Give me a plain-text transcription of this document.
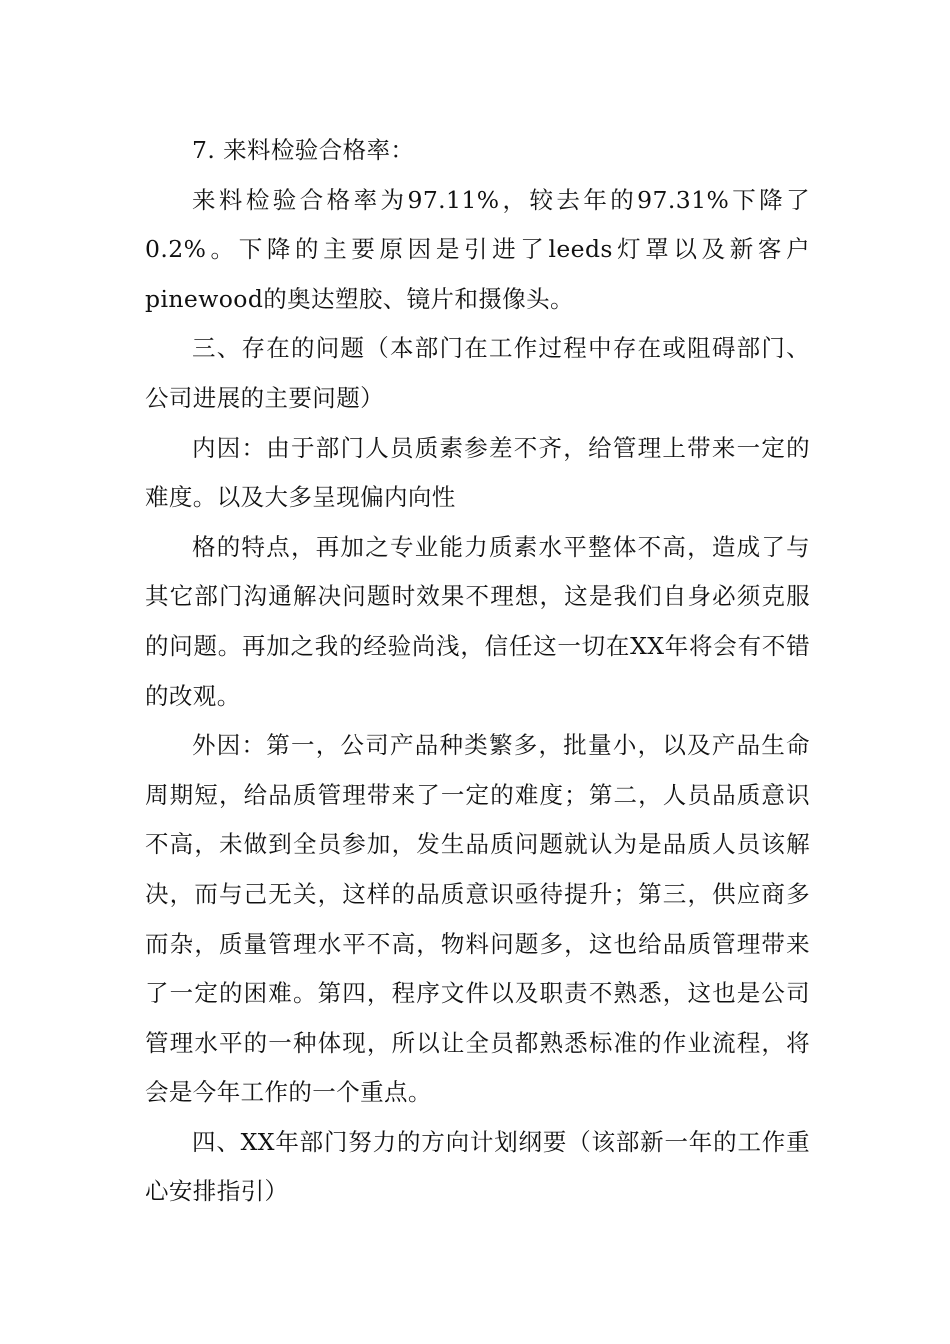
7. 来料检验合格率：

来料检验合格率为97.11%，较去年的97.31%下降了0.2%。下降的主要原因是引进了leeds灯罩以及新客户pinewood的奥达塑胶、镜片和摄像头。

三、存在的问题（本部门在工作过程中存在或阻碍部门、公司进展的主要问题）

内因：由于部门人员质素参差不齐，给管理上带来一定的难度。以及大多呈现偏内向性

格的特点，再加之专业能力质素水平整体不高，造成了与其它部门沟通解决问题时效果不理想，这是我们自身必须克服的问题。再加之我的经验尚浅，信任这一切在XX年将会有不错的改观。

外因：第一，公司产品种类繁多，批量小，以及产品生命周期短，给品质管理带来了一定的难度；第二，人员品质意识不高，未做到全员参加，发生品质问题就认为是品质人员该解决，而与己无关，这样的品质意识亟待提升；第三，供应商多而杂，质量管理水平不高，物料问题多，这也给品质管理带来了一定的困难。第四，程序文件以及职责不熟悉，这也是公司管理水平的一种体现，所以让全员都熟悉标准的作业流程，将会是今年工作的一个重点。

四、XX年部门努力的方向计划纲要（该部新一年的工作重心安排指引）
